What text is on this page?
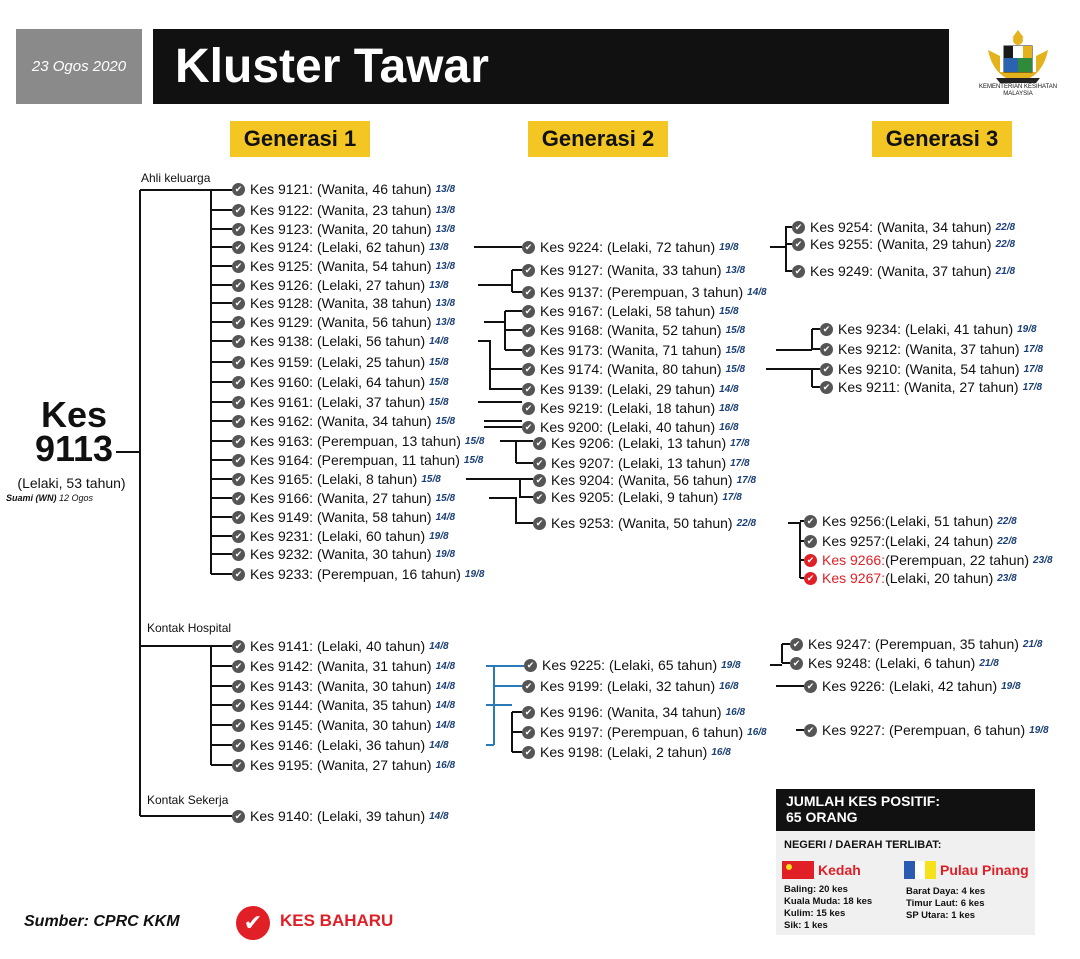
23 Ogos 2020	Kluster Tawar	KEMENTERIAN KESIHATAN MALAYSIA
Generasi 1	Generasi 2	Generasi 3
Ahli keluarga
Kontak Hospital
Kontak Sekerja
Kes
9113
(Lelaki, 53 tahun)
Suami (WN) 12 Ogos
✔ Kes 9121: (Wanita, 46 tahun) 13/8
✔ Kes 9122: (Wanita, 23 tahun) 13/8
✔ Kes 9123: (Wanita, 20 tahun) 13/8
✔ Kes 9124: (Lelaki, 62 tahun) 13/8
✔ Kes 9125: (Wanita, 54 tahun) 13/8
✔ Kes 9126: (Lelaki, 27 tahun) 13/8
✔ Kes 9128: (Wanita, 38 tahun) 13/8
✔ Kes 9129: (Wanita, 56 tahun) 13/8
✔ Kes 9138: (Lelaki, 56 tahun) 14/8
✔ Kes 9159: (Lelaki, 25 tahun) 15/8
✔ Kes 9160: (Lelaki, 64 tahun) 15/8
✔ Kes 9161: (Lelaki, 37 tahun) 15/8
✔ Kes 9162: (Wanita, 34 tahun) 15/8
✔ Kes 9163: (Perempuan, 13 tahun) 15/8
✔ Kes 9164: (Perempuan, 11 tahun) 15/8
✔ Kes 9165: (Lelaki, 8 tahun) 15/8
✔ Kes 9166: (Wanita, 27 tahun) 15/8
✔ Kes 9149: (Wanita, 58 tahun) 14/8
✔ Kes 9231: (Lelaki, 60 tahun) 19/8
✔ Kes 9232: (Wanita, 30 tahun) 19/8
✔ Kes 9233: (Perempuan, 16 tahun) 19/8
✔ Kes 9141: (Lelaki, 40 tahun) 14/8
✔ Kes 9142: (Wanita, 31 tahun) 14/8
✔ Kes 9143: (Wanita, 30 tahun) 14/8
✔ Kes 9144: (Wanita, 35 tahun) 14/8
✔ Kes 9145: (Wanita, 30 tahun) 14/8
✔ Kes 9146: (Lelaki, 36 tahun) 14/8
✔ Kes 9195: (Wanita, 27 tahun) 16/8
✔ Kes 9140: (Lelaki, 39 tahun) 14/8
✔ Kes 9224: (Lelaki, 72 tahun) 19/8
✔ Kes 9127: (Wanita, 33 tahun) 13/8
✔ Kes 9137: (Perempuan, 3 tahun) 14/8
✔ Kes 9167: (Lelaki, 58 tahun) 15/8
✔ Kes 9168: (Wanita, 52 tahun) 15/8
✔ Kes 9173: (Wanita, 71 tahun) 15/8
✔ Kes 9174: (Wanita, 80 tahun) 15/8
✔ Kes 9139: (Lelaki, 29 tahun) 14/8
✔ Kes 9219: (Lelaki, 18 tahun) 18/8
✔ Kes 9200: (Lelaki, 40 tahun) 16/8
✔ Kes 9206: (Lelaki, 13 tahun) 17/8
✔ Kes 9207: (Lelaki, 13 tahun) 17/8
✔ Kes 9204: (Wanita, 56 tahun) 17/8
✔ Kes 9205: (Lelaki, 9 tahun) 17/8
✔ Kes 9253: (Wanita, 50 tahun) 22/8
✔ Kes 9225: (Lelaki, 65 tahun) 19/8
✔ Kes 9199: (Lelaki, 32 tahun) 16/8
✔ Kes 9196: (Wanita, 34 tahun) 16/8
✔ Kes 9197: (Perempuan, 6 tahun) 16/8
✔ Kes 9198: (Lelaki, 2 tahun) 16/8
✔ Kes 9254: (Wanita, 34 tahun) 22/8
✔ Kes 9255: (Wanita, 29 tahun) 22/8
✔ Kes 9249: (Wanita, 37 tahun) 21/8
✔ Kes 9234: (Lelaki, 41 tahun) 19/8
✔ Kes 9212: (Wanita, 37 tahun) 17/8
✔ Kes 9210: (Wanita, 54 tahun) 17/8
✔ Kes 9211: (Wanita, 27 tahun) 17/8
✔ Kes 9256:(Lelaki, 51 tahun) 22/8
✔ Kes 9257:(Lelaki, 24 tahun) 22/8
✔ Kes 9266: (Perempuan, 22 tahun) 23/8
✔ Kes 9267: (Lelaki, 20 tahun) 23/8
✔ Kes 9247: (Perempuan, 35 tahun) 21/8
✔ Kes 9248: (Lelaki, 6 tahun) 21/8
✔ Kes 9226: (Lelaki, 42 tahun) 19/8
✔ Kes 9227: (Perempuan, 6 tahun) 19/8
JUMLAH KES POSITIF:
65 ORANG
NEGERI / DAERAH TERLIBAT:
Kedah
Baling: 20 kes
Kuala Muda: 18 kes
Kulim: 15 kes
Sik: 1 kes
Pulau Pinang
Barat Daya: 4 kes
Timur Laut: 6 kes
SP Utara: 1 kes
Sumber: CPRC KKM	✔	KES BAHARU
